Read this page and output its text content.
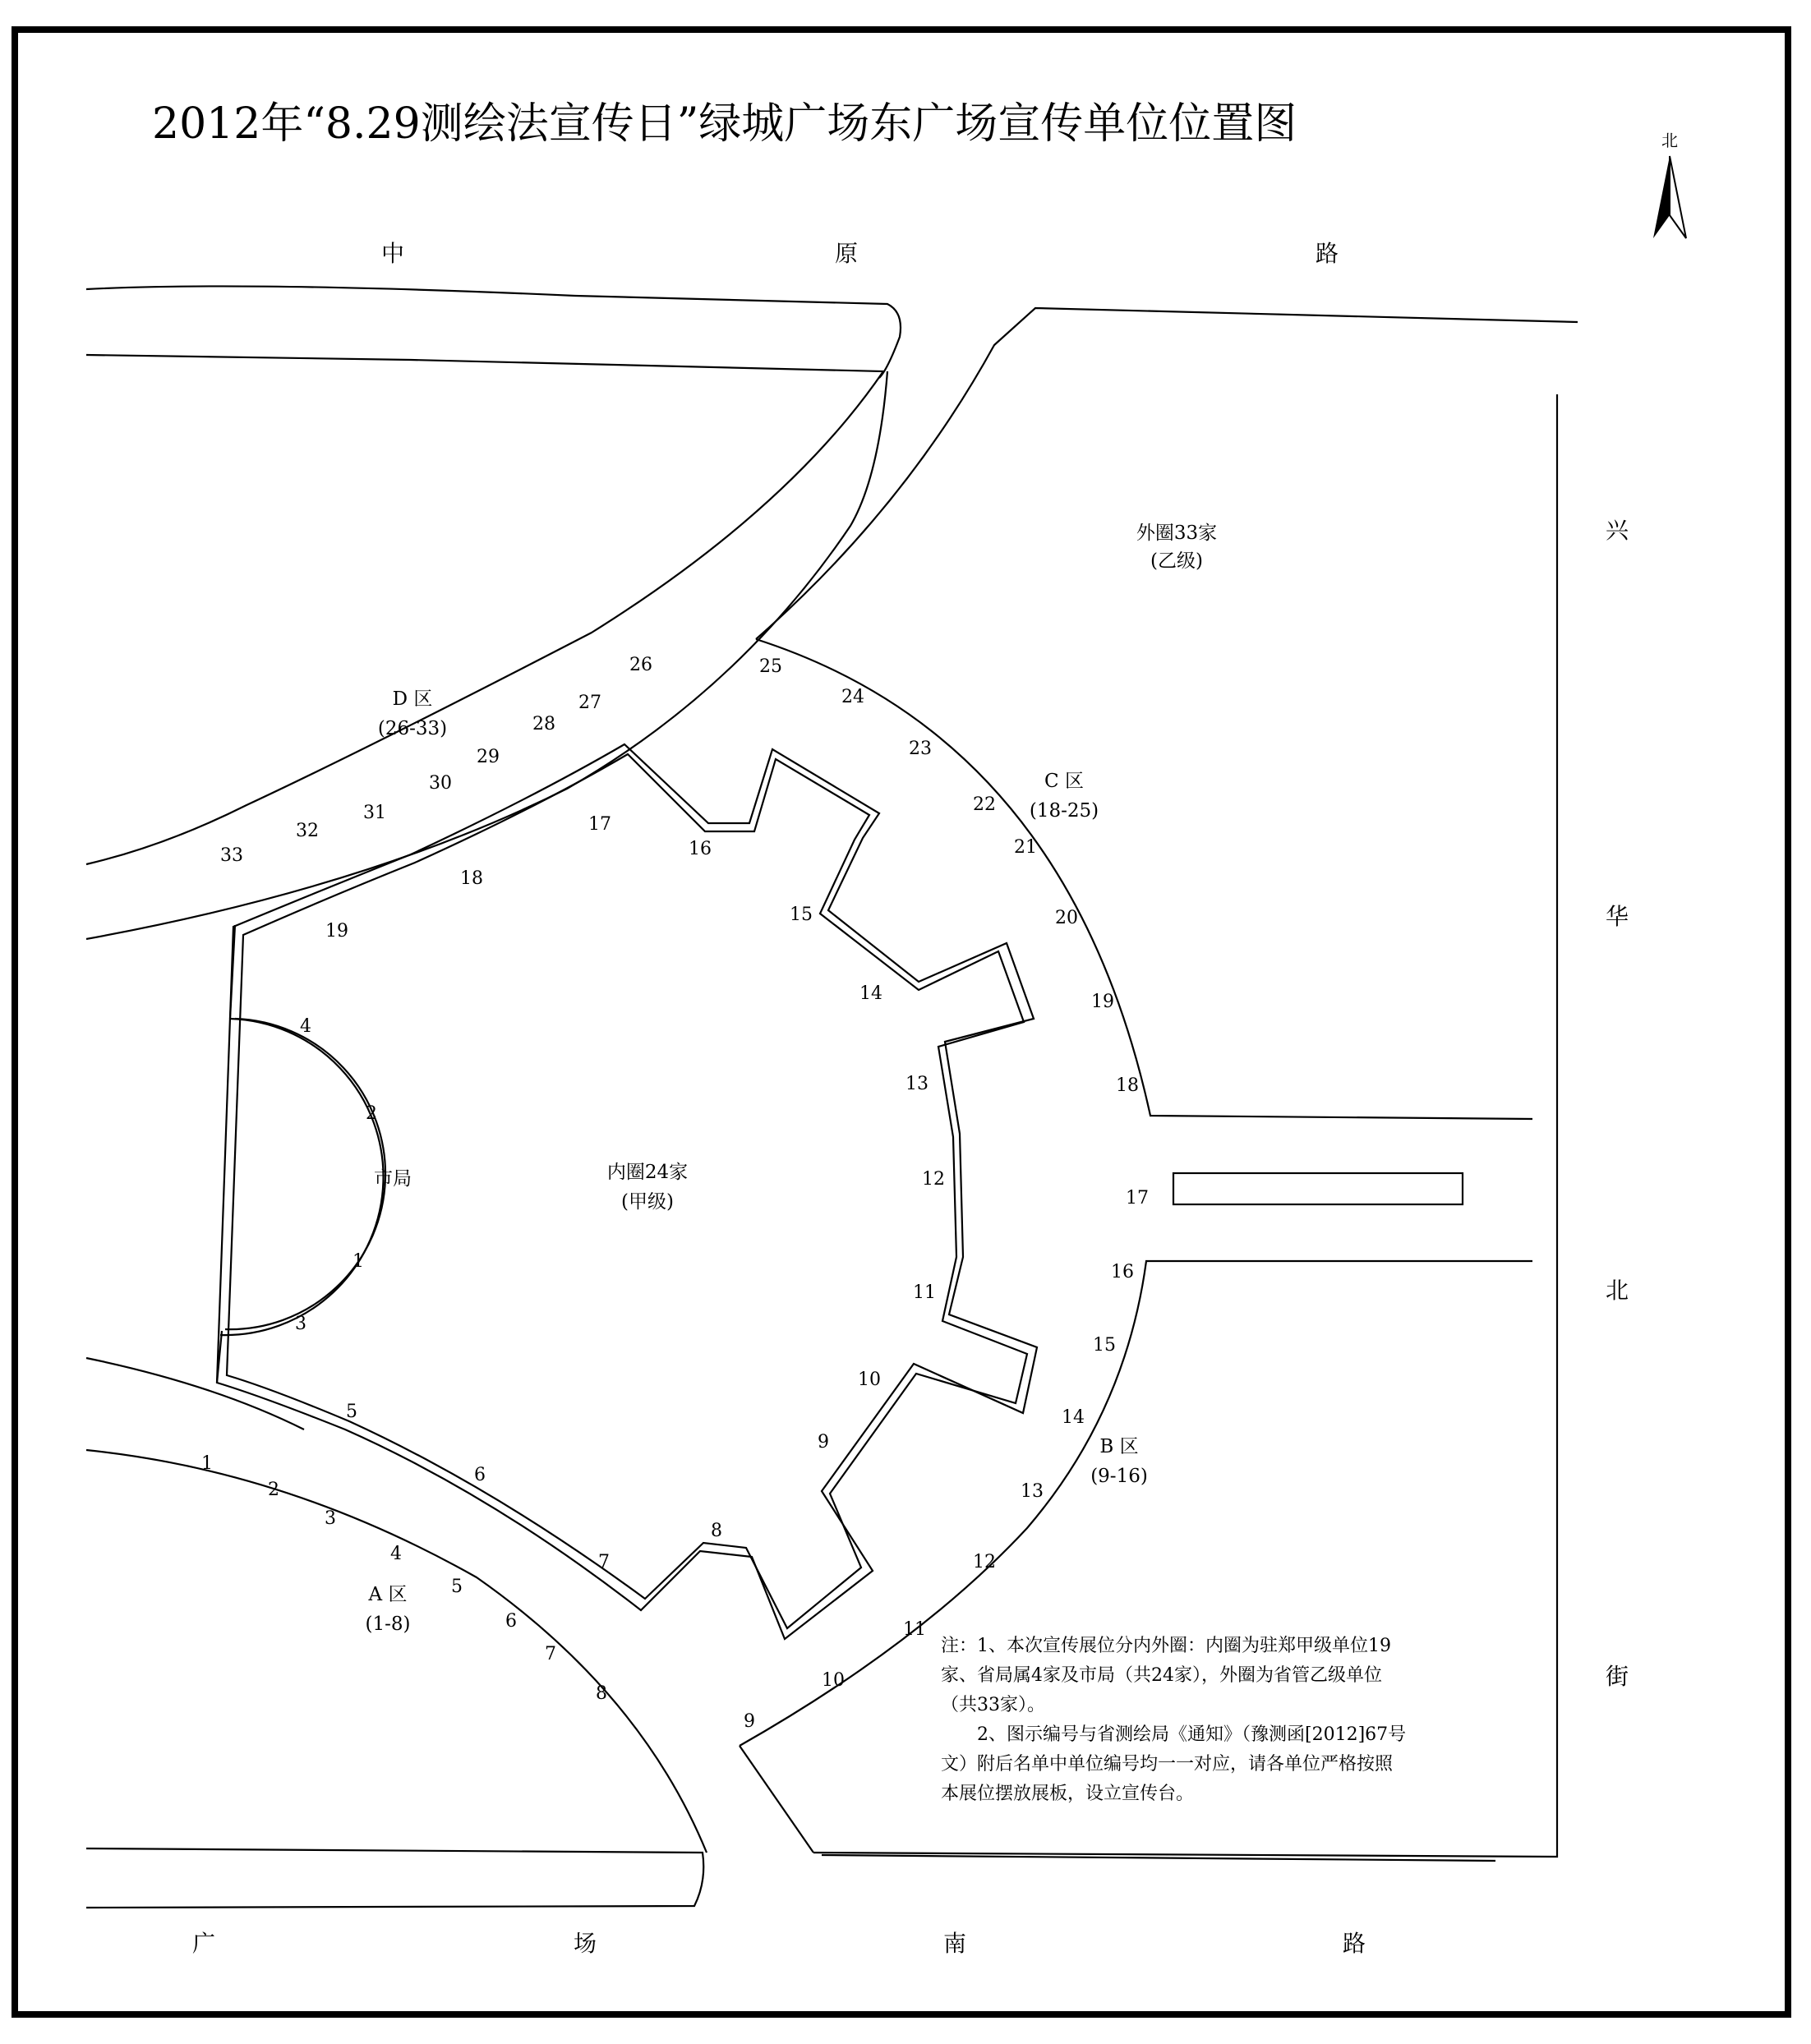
2012年“8.29测绘法宣传日”绿城广场东广场宣传单位位置图	北
中	原	路
兴
华
北
街
广	场	南	路
外圈33家
(乙级)
内圈24家
(甲级)
市局
D 区
(26-33)
C 区
(18-25)
B 区
(9-16)
A 区
(1-8)
1
2
3
4
5
6
7
8
9
10
11
12
13
14
15
16
17
18
19
20
21
22
23
24
25
26
27
28
29
30
31
32
33
1
2
3
4
5
6
7
8
9
10
11
12
13
14
15
16
17
18
19
注：1、本次宣传展位分内外圈：内圈为驻郑甲级单位19
家、省局属4家及市局（共24家），外圈为省管乙级单位
（共33家）。
　　2、图示编号与省测绘局《通知》（豫测函[2012]67号
文）附后名单中单位编号均一一对应，请各单位严格按照
本展位摆放展板，设立宣传台。
